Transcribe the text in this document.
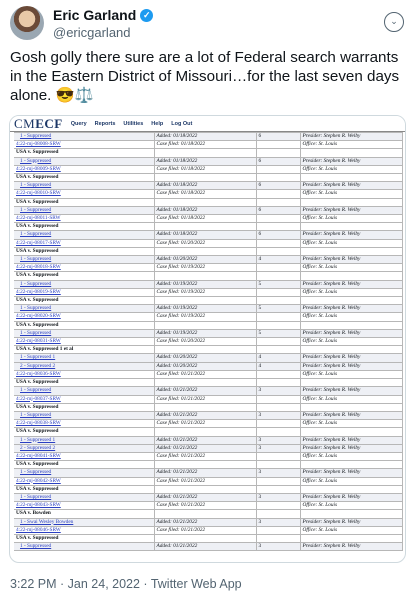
Eric Garland ✓
@ericgarland
⌄
Gosh golly there sure are a lot of Federal search warrants in the Eastern District of Missouri…for the last seven days alone. 😎⚖️
CMECF Query Reports Utilities Help Log Out
1 - Suppressed	Added: 01/18/2022	6	Presider: Stephen R. Welby
4:22-mj-08008-SRW	Case filed: 01/18/2022		Office: St. Louis
USA v. Suppressed			
1 - Suppressed	Added: 01/18/2022	6	Presider: Stephen R. Welby
4:22-mj-08009-SRW	Case filed: 01/18/2022		Office: St. Louis
USA v. Suppressed			
1 - Suppressed	Added: 01/18/2022	6	Presider: Stephen R. Welby
4:22-mj-08010-SRW	Case filed: 01/18/2022		Office: St. Louis
USA v. Suppressed			
1 - Suppressed	Added: 01/18/2022	6	Presider: Stephen R. Welby
4:22-mj-08011-SRW	Case filed: 01/18/2022		Office: St. Louis
USA v. Suppressed			
1 - Suppressed	Added: 01/18/2022	6	Presider: Stephen R. Welby
4:22-mj-08017-SRW	Case filed: 01/20/2022		Office: St. Louis
USA v. Suppressed			
1 - Suppressed	Added: 01/20/2022	4	Presider: Stephen R. Welby
4:22-mj-08018-SRW	Case filed: 01/19/2022		Office: St. Louis
USA v. Suppressed			
1 - Suppressed	Added: 01/19/2022	5	Presider: Stephen R. Welby
4:22-mj-08019-SRW	Case filed: 01/19/2022		Office: St. Louis
USA v. Suppressed			
1 - Suppressed	Added: 01/19/2022	5	Presider: Stephen R. Welby
4:22-mj-08020-SRW	Case filed: 01/19/2022		Office: St. Louis
USA v. Suppressed			
1 - Suppressed	Added: 01/19/2022	5	Presider: Stephen R. Welby
4:22-mj-08031-SRW	Case filed: 01/20/2022		Office: St. Louis
USA v. Suppressed 1 et al			
1 - Suppressed 1	Added: 01/20/2022	4	Presider: Stephen R. Welby
2 - Suppressed 2	Added: 01/20/2022	4	Presider: Stephen R. Welby
4:22-mj-08036-SRW	Case filed: 01/21/2022		Office: St. Louis
USA v. Suppressed			
1 - Suppressed	Added: 01/21/2022	3	Presider: Stephen R. Welby
4:22-mj-08037-SRW	Case filed: 01/21/2022		Office: St. Louis
USA v. Suppressed			
1 - Suppressed	Added: 01/21/2022	3	Presider: Stephen R. Welby
4:22-mj-08038-SRW	Case filed: 01/21/2022		Office: St. Louis
USA v. Suppressed			
1 - Suppressed 1	Added: 01/21/2022	3	Presider: Stephen R. Welby
2 - Suppressed 2	Added: 01/21/2022	3	Presider: Stephen R. Welby
4:22-mj-08041-SRW	Case filed: 01/21/2022		Office: St. Louis
USA v. Suppressed			
1 - Suppressed	Added: 01/21/2022	3	Presider: Stephen R. Welby
4:22-mj-08042-SRW	Case filed: 01/21/2022		Office: St. Louis
USA v. Suppressed			
1 - Suppressed	Added: 01/21/2022	3	Presider: Stephen R. Welby
4:22-mj-08043-SRW	Case filed: 01/21/2022		Office: St. Louis
USA v. Bowden			
1 - Swai Wesley Bowden	Added: 01/21/2022	3	Presider: Stephen R. Welby
4:22-mj-08046-SRW	Case filed: 01/21/2022		Office: St. Louis
USA v. Suppressed			
1 - Suppressed	Added: 01/21/2022	3	Presider: Stephen R. Welby
3:22 PM · Jan 24, 2022 · Twitter Web App
